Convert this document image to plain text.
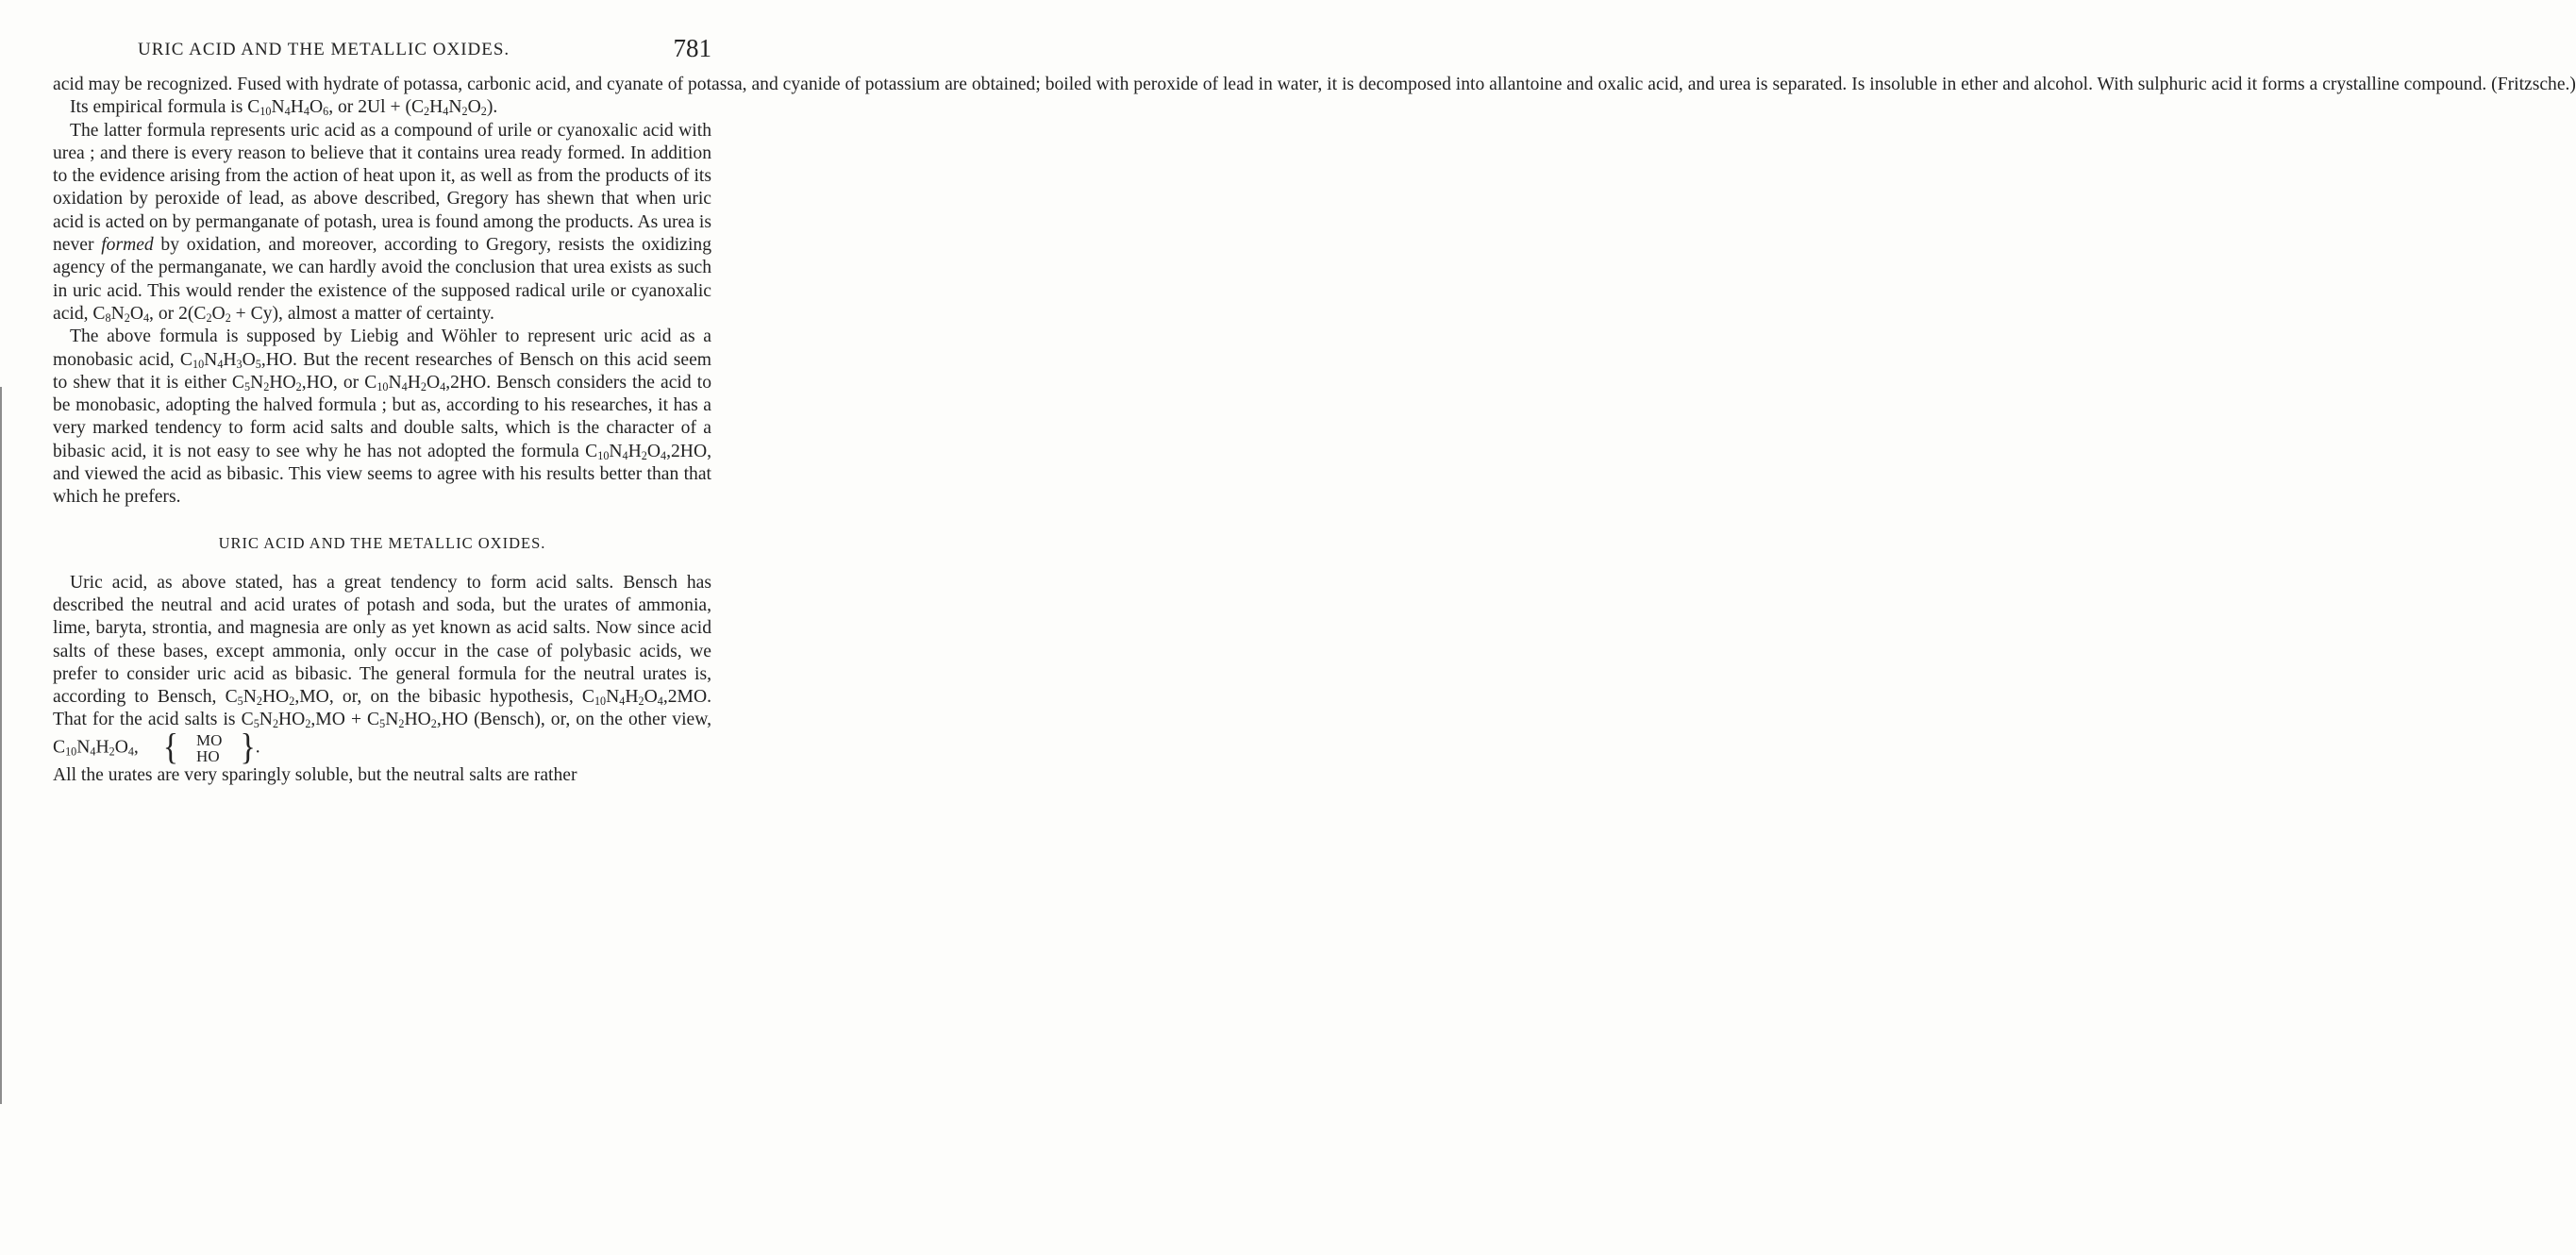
URIC ACID AND THE METALLIC OXIDES.	781

acid may be recognized. Fused with hydrate of potassa, carbonic acid, and cyanate of potassa, and cyanide of potassium are obtained; boiled with peroxide of lead in water, it is decomposed into allantoine and oxalic acid, and urea is separated. Is insoluble in ether and alcohol. With sulphuric acid it forms a crystalline compound. (Fritzsche.)

Its empirical formula is $C_{10}N_4H_4O_6$, or $2Ul + (C_2H_4N_2O_2)$.

The latter formula represents uric acid as a compound of urile or cyanoxalic acid with urea ; and there is every reason to believe that it contains urea ready formed. In addition to the evidence arising from the action of heat upon it, as well as from the products of its oxidation by peroxide of lead, as above described, Gregory has shewn that when uric acid is acted on by permanganate of potash, urea is found among the products. As urea is never formed by oxidation, and moreover, according to Gregory, resists the oxidizing agency of the permanganate, we can hardly avoid the conclusion that urea exists as such in uric acid. This would render the existence of the supposed radical urile or cyanoxalic acid, $C_8N_2O_4$, or $2(C_2O_2 + Cy)$, almost a matter of certainty.

The above formula is supposed by Liebig and Wöhler to represent uric acid as a monobasic acid, $C_{10}N_4H_3O_5,HO$. But the recent researches of Bensch on this acid seem to shew that it is either $C_5N_2HO_2,HO$, or $C_{10}N_4H_2O_4,2HO$. Bensch considers the acid to be monobasic, adopting the halved formula ; but as, according to his researches, it has a very marked tendency to form acid salts and double salts, which is the character of a bibasic acid, it is not easy to see why he has not adopted the formula $C_{10}N_4H_2O_4,2HO$, and viewed the acid as bibasic. This view seems to agree with his results better than that which he prefers.

URIC ACID AND THE METALLIC OXIDES.

Uric acid, as above stated, has a great tendency to form acid salts. Bensch has described the neutral and acid urates of potash and soda, but the urates of ammonia, lime, baryta, strontia, and magnesia are only as yet known as acid salts. Now since acid salts of these bases, except ammonia, only occur in the case of polybasic acids, we prefer to consider uric acid as bibasic. The general formula for the neutral urates is, according to Bensch, $C_5N_2HO_2,MO$, or, on the bibasic hypothesis, $C_{10}N_4H_2O_4,2MO$. That for the acid salts is $C_5N_2HO_2,MO + C_5N_2HO_2,HO$ (Bensch), or, on the other view, $C_{10}N_4H_2O_4$, {	MO
HO } .

All the urates are very sparingly soluble, but the neutral salts are rather
